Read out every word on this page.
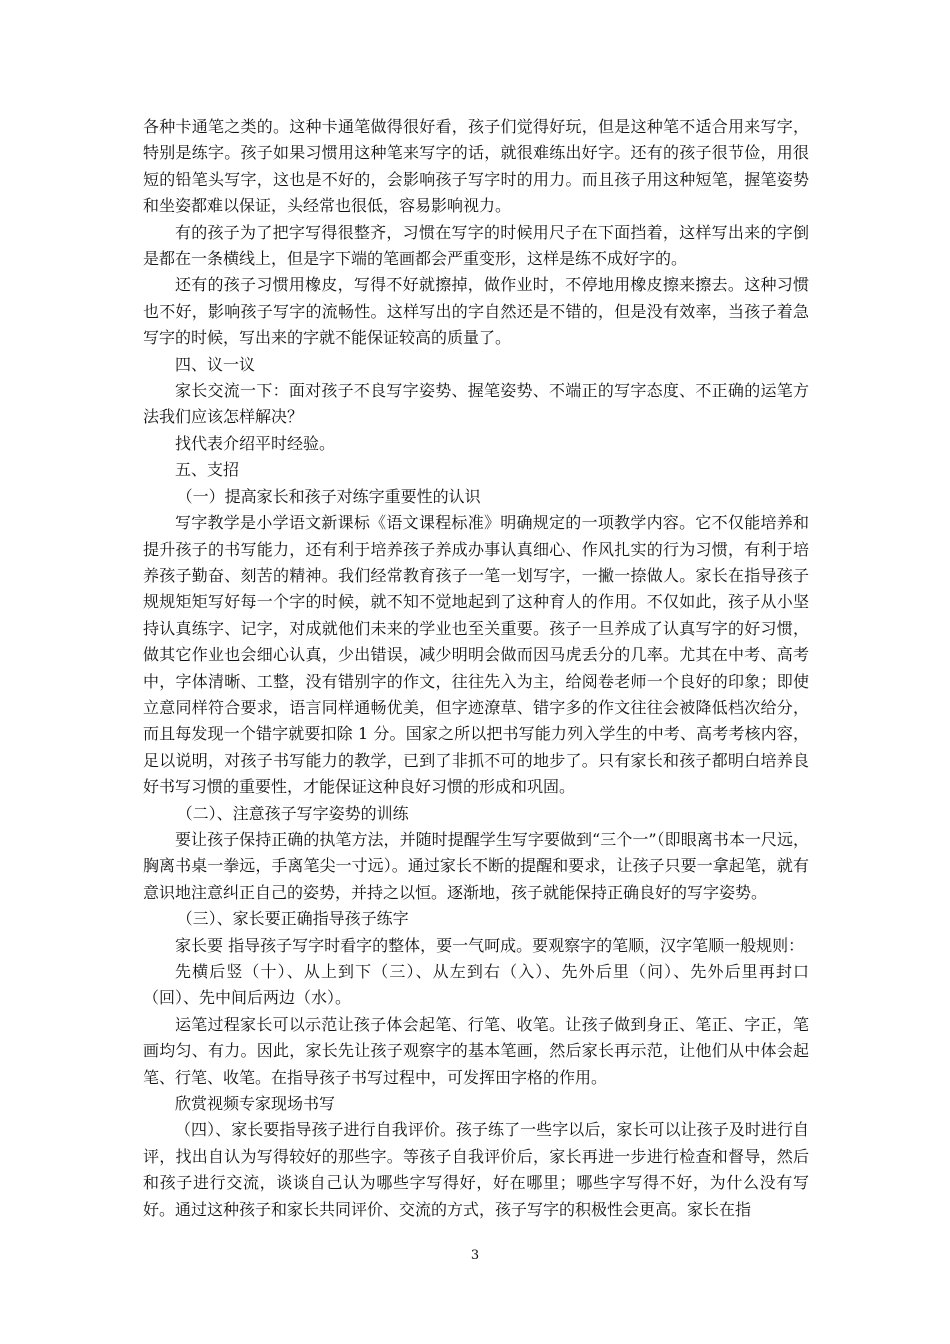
各种卡通笔之类的。这种卡通笔做得很好看，孩子们觉得好玩，但是这种笔不适合用来写字，特别是练字。孩子如果习惯用这种笔来写字的话，就很难练出好字。还有的孩子很节俭，用很短的铅笔头写字，这也是不好的，会影响孩子写字时的用力。而且孩子用这种短笔，握笔姿势和坐姿都难以保证，头经常也很低，容易影响视力。

有的孩子为了把字写得很整齐，习惯在写字的时候用尺子在下面挡着，这样写出来的字倒是都在一条横线上，但是字下端的笔画都会严重变形，这样是练不成好字的。

还有的孩子习惯用橡皮，写得不好就擦掉，做作业时，不停地用橡皮擦来擦去。这种习惯也不好，影响孩子写字的流畅性。这样写出的字自然还是不错的，但是没有效率，当孩子着急写字的时候，写出来的字就不能保证较高的质量了。

四、议一议

家长交流一下：面对孩子不良写字姿势、握笔姿势、不端正的写字态度、不正确的运笔方法我们应该怎样解决？

找代表介绍平时经验。

五、支招

（一）提高家长和孩子对练字重要性的认识

写字教学是小学语文新课标《语文课程标准》明确规定的一项教学内容。它不仅能培养和提升孩子的书写能力，还有利于培养孩子养成办事认真细心、作风扎实的行为习惯，有利于培养孩子勤奋、刻苦的精神。我们经常教育孩子一笔一划写字，一撇一捺做人。家长在指导孩子规规矩矩写好每一个字的时候，就不知不觉地起到了这种育人的作用。不仅如此，孩子从小坚持认真练字、记字，对成就他们未来的学业也至关重要。孩子一旦养成了认真写字的好习惯，做其它作业也会细心认真，少出错误，减少明明会做而因马虎丢分的几率。尤其在中考、高考中，字体清晰、工整，没有错别字的作文，往往先入为主，给阅卷老师一个良好的印象；即使立意同样符合要求，语言同样通畅优美，但字迹潦草、错字多的作文往往会被降低档次给分，而且每发现一个错字就要扣除 1 分。国家之所以把书写能力列入学生的中考、高考考核内容，足以说明，对孩子书写能力的教学，已到了非抓不可的地步了。只有家长和孩子都明白培养良好书写习惯的重要性，才能保证这种良好习惯的形成和巩固。

（二）、注意孩子写字姿势的训练

要让孩子保持正确的执笔方法，并随时提醒学生写字要做到“三个一”（即眼离书本一尺远，胸离书桌一拳远，手离笔尖一寸远）。通过家长不断的提醒和要求，让孩子只要一拿起笔，就有意识地注意纠正自己的姿势，并持之以恒。逐渐地，孩子就能保持正确良好的写字姿势。

（三）、家长要正确指导孩子练字

家长要 指导孩子写字时看字的整体，要一气呵成。要观察字的笔顺，汉字笔顺一般规则：

先横后竖（十）、从上到下（三）、从左到右（入）、先外后里（问）、先外后里再封口（回）、先中间后两边（水）。

运笔过程家长可以示范让孩子体会起笔、行笔、收笔。让孩子做到身正、笔正、字正，笔画均匀、有力。因此，家长先让孩子观察字的基本笔画，然后家长再示范，让他们从中体会起笔、行笔、收笔。在指导孩子书写过程中，可发挥田字格的作用。

欣赏视频专家现场书写

（四）、家长要指导孩子进行自我评价。孩子练了一些字以后，家长可以让孩子及时进行自评，找出自认为写得较好的那些字。等孩子自我评价后，家长再进一步进行检查和督导，然后和孩子进行交流，谈谈自己认为哪些字写得好，好在哪里；哪些字写得不好，为什么没有写好。通过这种孩子和家长共同评价、交流的方式，孩子写字的积极性会更高。家长在指

3
